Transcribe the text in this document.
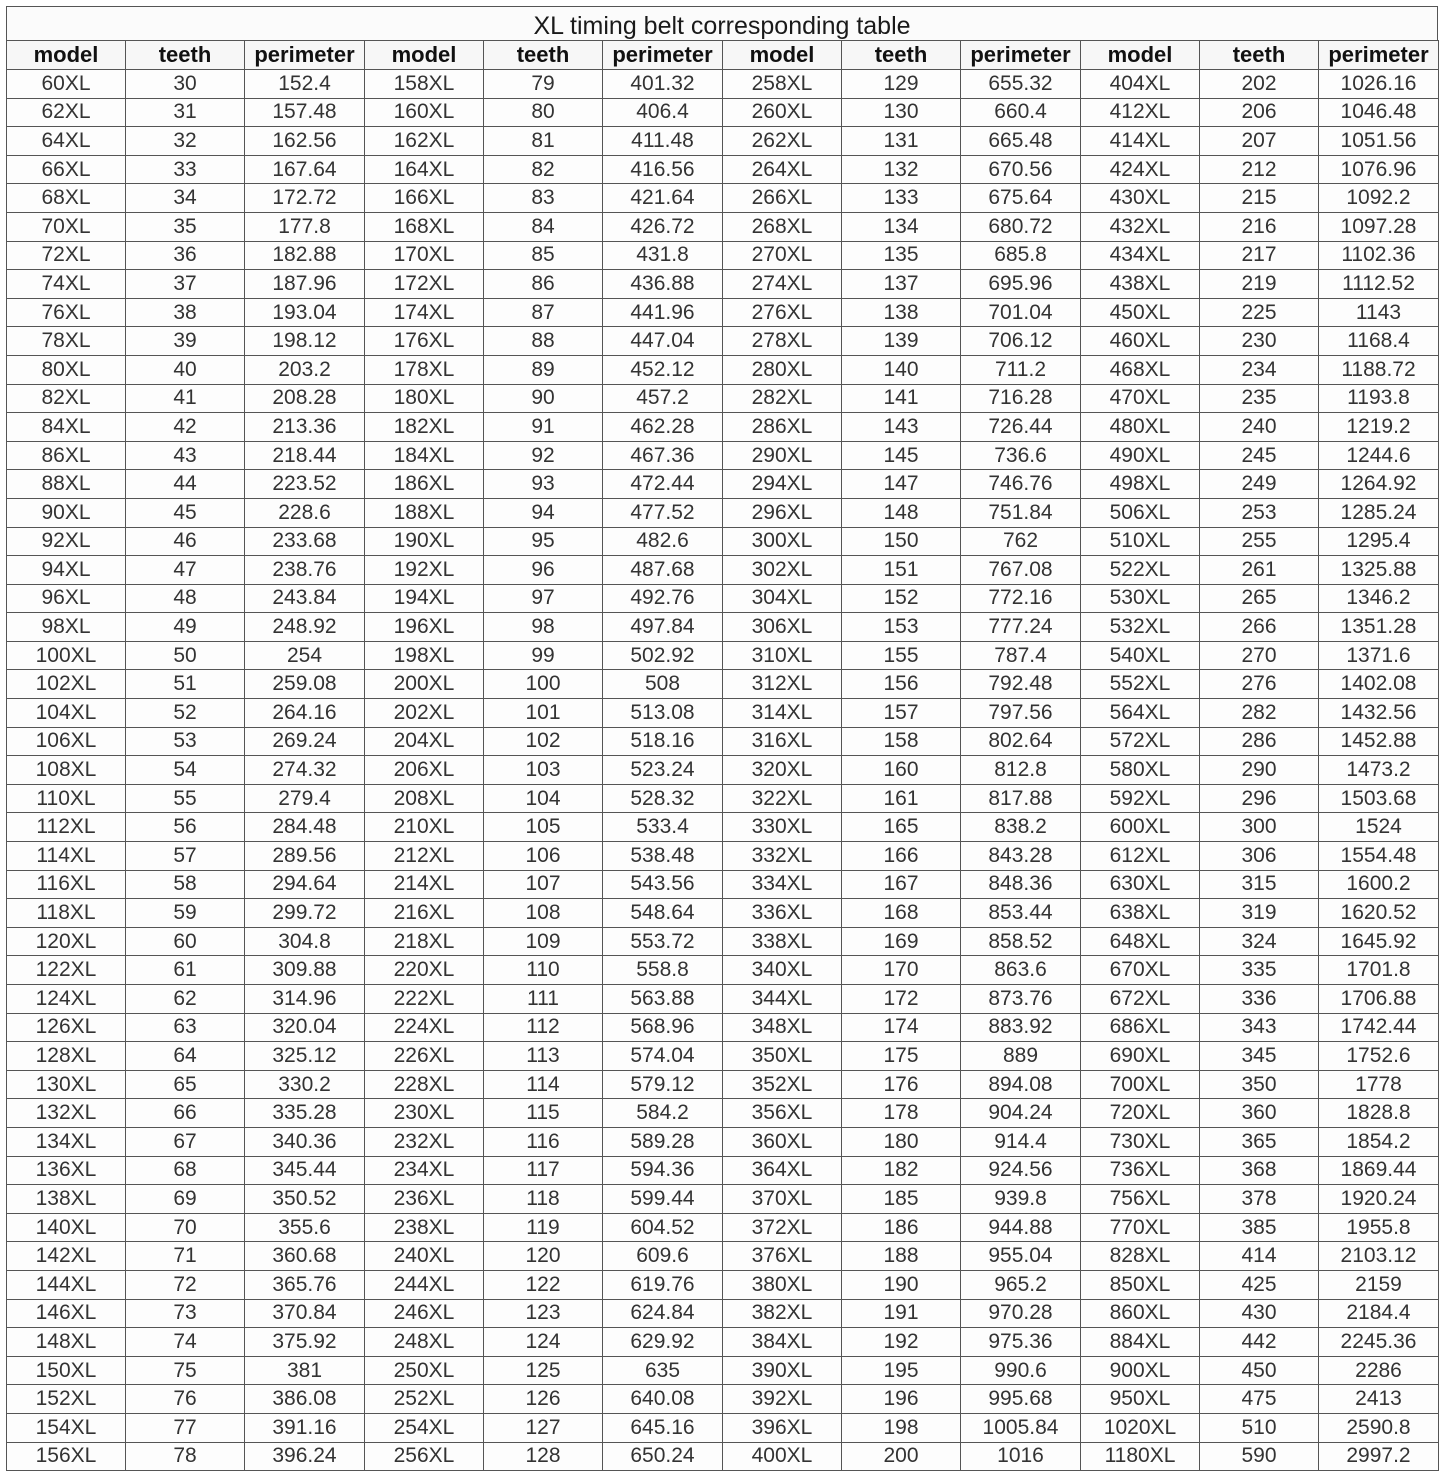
XL timing belt corresponding table
model	teeth	perimeter	model	teeth	perimeter	model	teeth	perimeter	model	teeth	perimeter
60XL	30	152.4	158XL	79	401.32	258XL	129	655.32	404XL	202	1026.16
62XL	31	157.48	160XL	80	406.4	260XL	130	660.4	412XL	206	1046.48
64XL	32	162.56	162XL	81	411.48	262XL	131	665.48	414XL	207	1051.56
66XL	33	167.64	164XL	82	416.56	264XL	132	670.56	424XL	212	1076.96
68XL	34	172.72	166XL	83	421.64	266XL	133	675.64	430XL	215	1092.2
70XL	35	177.8	168XL	84	426.72	268XL	134	680.72	432XL	216	1097.28
72XL	36	182.88	170XL	85	431.8	270XL	135	685.8	434XL	217	1102.36
74XL	37	187.96	172XL	86	436.88	274XL	137	695.96	438XL	219	1112.52
76XL	38	193.04	174XL	87	441.96	276XL	138	701.04	450XL	225	1143
78XL	39	198.12	176XL	88	447.04	278XL	139	706.12	460XL	230	1168.4
80XL	40	203.2	178XL	89	452.12	280XL	140	711.2	468XL	234	1188.72
82XL	41	208.28	180XL	90	457.2	282XL	141	716.28	470XL	235	1193.8
84XL	42	213.36	182XL	91	462.28	286XL	143	726.44	480XL	240	1219.2
86XL	43	218.44	184XL	92	467.36	290XL	145	736.6	490XL	245	1244.6
88XL	44	223.52	186XL	93	472.44	294XL	147	746.76	498XL	249	1264.92
90XL	45	228.6	188XL	94	477.52	296XL	148	751.84	506XL	253	1285.24
92XL	46	233.68	190XL	95	482.6	300XL	150	762	510XL	255	1295.4
94XL	47	238.76	192XL	96	487.68	302XL	151	767.08	522XL	261	1325.88
96XL	48	243.84	194XL	97	492.76	304XL	152	772.16	530XL	265	1346.2
98XL	49	248.92	196XL	98	497.84	306XL	153	777.24	532XL	266	1351.28
100XL	50	254	198XL	99	502.92	310XL	155	787.4	540XL	270	1371.6
102XL	51	259.08	200XL	100	508	312XL	156	792.48	552XL	276	1402.08
104XL	52	264.16	202XL	101	513.08	314XL	157	797.56	564XL	282	1432.56
106XL	53	269.24	204XL	102	518.16	316XL	158	802.64	572XL	286	1452.88
108XL	54	274.32	206XL	103	523.24	320XL	160	812.8	580XL	290	1473.2
110XL	55	279.4	208XL	104	528.32	322XL	161	817.88	592XL	296	1503.68
112XL	56	284.48	210XL	105	533.4	330XL	165	838.2	600XL	300	1524
114XL	57	289.56	212XL	106	538.48	332XL	166	843.28	612XL	306	1554.48
116XL	58	294.64	214XL	107	543.56	334XL	167	848.36	630XL	315	1600.2
118XL	59	299.72	216XL	108	548.64	336XL	168	853.44	638XL	319	1620.52
120XL	60	304.8	218XL	109	553.72	338XL	169	858.52	648XL	324	1645.92
122XL	61	309.88	220XL	110	558.8	340XL	170	863.6	670XL	335	1701.8
124XL	62	314.96	222XL	111	563.88	344XL	172	873.76	672XL	336	1706.88
126XL	63	320.04	224XL	112	568.96	348XL	174	883.92	686XL	343	1742.44
128XL	64	325.12	226XL	113	574.04	350XL	175	889	690XL	345	1752.6
130XL	65	330.2	228XL	114	579.12	352XL	176	894.08	700XL	350	1778
132XL	66	335.28	230XL	115	584.2	356XL	178	904.24	720XL	360	1828.8
134XL	67	340.36	232XL	116	589.28	360XL	180	914.4	730XL	365	1854.2
136XL	68	345.44	234XL	117	594.36	364XL	182	924.56	736XL	368	1869.44
138XL	69	350.52	236XL	118	599.44	370XL	185	939.8	756XL	378	1920.24
140XL	70	355.6	238XL	119	604.52	372XL	186	944.88	770XL	385	1955.8
142XL	71	360.68	240XL	120	609.6	376XL	188	955.04	828XL	414	2103.12
144XL	72	365.76	244XL	122	619.76	380XL	190	965.2	850XL	425	2159
146XL	73	370.84	246XL	123	624.84	382XL	191	970.28	860XL	430	2184.4
148XL	74	375.92	248XL	124	629.92	384XL	192	975.36	884XL	442	2245.36
150XL	75	381	250XL	125	635	390XL	195	990.6	900XL	450	2286
152XL	76	386.08	252XL	126	640.08	392XL	196	995.68	950XL	475	2413
154XL	77	391.16	254XL	127	645.16	396XL	198	1005.84	1020XL	510	2590.8
156XL	78	396.24	256XL	128	650.24	400XL	200	1016	1180XL	590	2997.2
